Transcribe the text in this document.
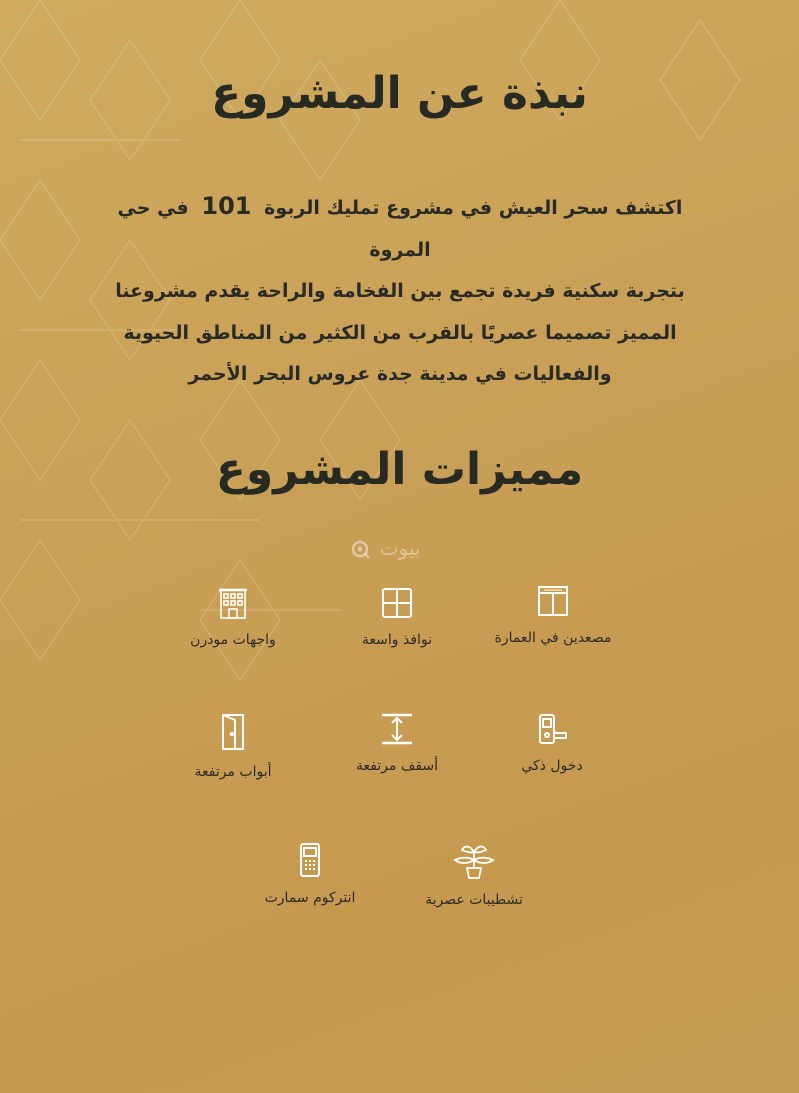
نبذة عن المشروع
اكتشف سحر العيش في مشروع تمليك الربوة 101 في حي المروة
بتجربة سكنية فريدة تجمع بين الفخامة والراحة يقدم مشروعنا
المميز تصميما عصريًا بالقرب من الكثير من المناطق الحيوية
والفعاليات في مدينة جدة عروس البحر الأحمر
مميزات المشروع
بيوت
مصعدين في العمارة
نوافذ واسعة
واجهات مودرن
دخول ذكي
أسقف مرتفعة
أبواب مرتفعة
تشطيبات عصرية
انتركوم سمارت
